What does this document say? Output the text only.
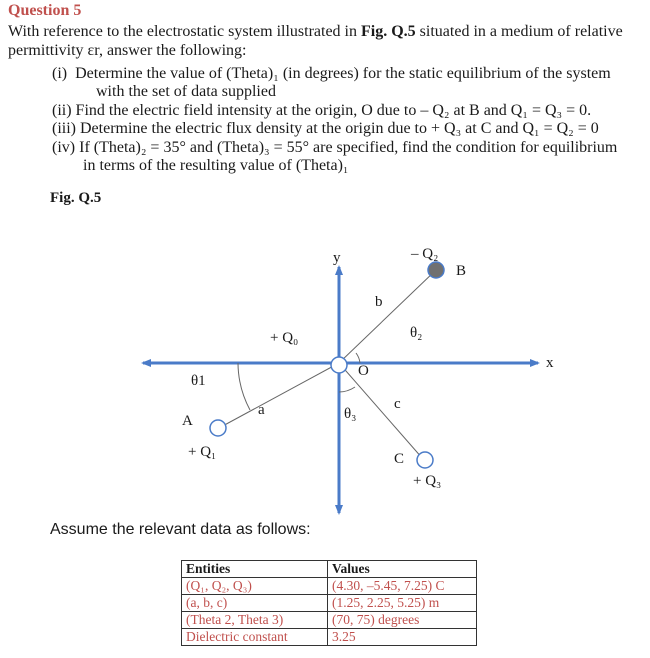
Question 5
With reference to the electrostatic system illustrated in Fig. Q.5 situated in a medium of relative
permittivity εr, answer the following:
(i) Determine the value of (Theta)₁ (in degrees) for the static equilibrium of the system
with the set of data supplied
(ii) Find the electric field intensity at the origin, O due to – Q₂ at B and Q₁ = Q₃ = 0.
(iii) Determine the electric flux density at the origin due to + Q₃ at C and Q₁ = Q₂ = 0
(iv) If (Theta)₂ = 35° and (Theta)₃ = 55° are specified, find the condition for equilibrium
in terms of the resulting value of (Theta)₁
Fig. Q.5
y
x
O
– Q₂
B
b
θ₂
+ Q₀
θ1
a
A
+ Q₁
θ₃
c
C
+ Q₃
Assume the relevant data as follows:
Entities	Values
(Q₁, Q₂, Q₃)	(4.30, –5.45, 7.25) C
(a, b, c)	(1.25, 2.25, 5.25) m
(Theta 2, Theta 3)	(70, 75) degrees
Dielectric constant	3.25
